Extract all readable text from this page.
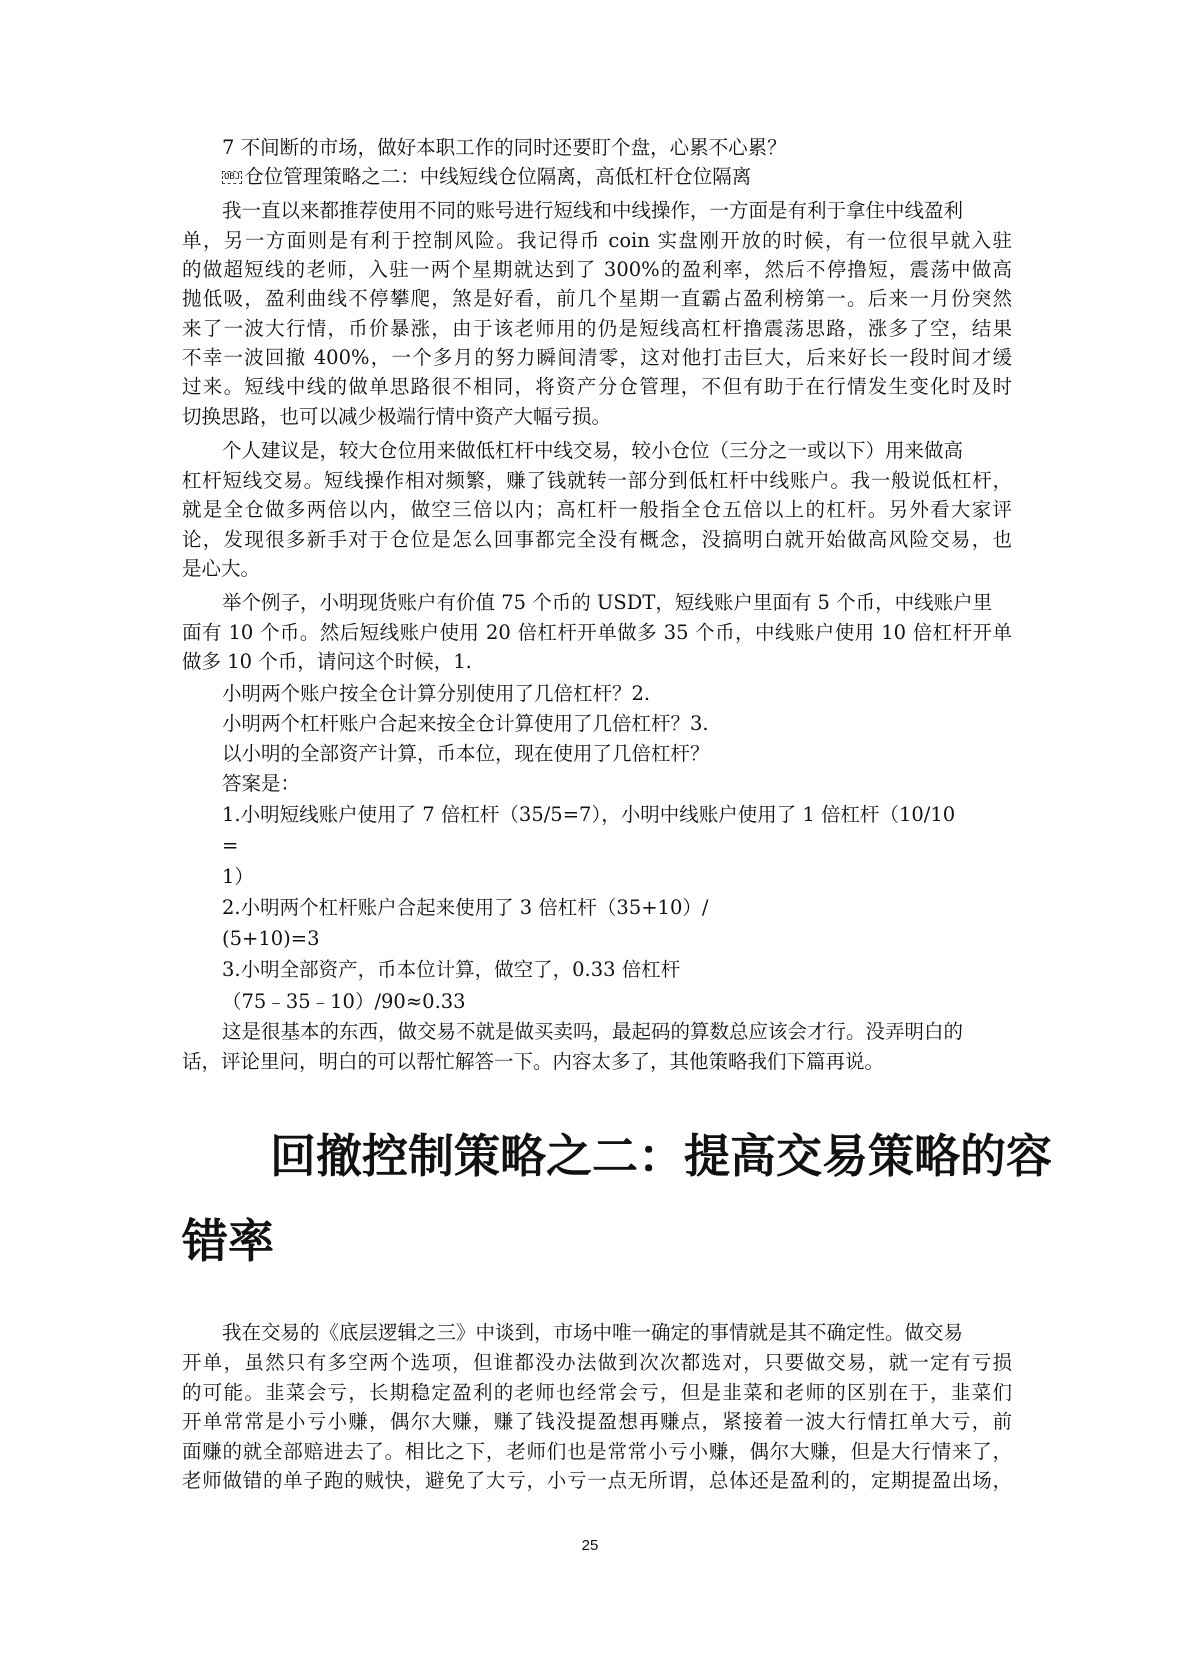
7 不间断的市场，做好本职工作的同时还要盯个盘，心累不心累？
OBJ 仓位管理策略之二：中线短线仓位隔离，高低杠杆仓位隔离
我一直以来都推荐使用不同的账号进行短线和中线操作，一方面是有利于拿住中线盈利
单，另一方面则是有利于控制风险。我记得币 coin 实盘刚开放的时候，有一位很早就入驻
的做超短线的老师，入驻一两个星期就达到了 300%的盈利率，然后不停撸短，震荡中做高
抛低吸，盈利曲线不停攀爬，煞是好看，前几个星期一直霸占盈利榜第一。后来一月份突然
来了一波大行情，币价暴涨，由于该老师用的仍是短线高杠杆撸震荡思路，涨多了空，结果
不幸一波回撤 400%，一个多月的努力瞬间清零，这对他打击巨大，后来好长一段时间才缓
过来。短线中线的做单思路很不相同，将资产分仓管理，不但有助于在行情发生变化时及时
切换思路，也可以减少极端行情中资产大幅亏损。
个人建议是，较大仓位用来做低杠杆中线交易，较小仓位（三分之一或以下）用来做高
杠杆短线交易。短线操作相对频繁，赚了钱就转一部分到低杠杆中线账户。我一般说低杠杆，
就是全仓做多两倍以内，做空三倍以内；高杠杆一般指全仓五倍以上的杠杆。另外看大家评
论，发现很多新手对于仓位是怎么回事都完全没有概念，没搞明白就开始做高风险交易，也
是心大。
举个例子，小明现货账户有价值 75 个币的 USDT，短线账户里面有 5 个币，中线账户里
面有 10 个币。然后短线账户使用 20 倍杠杆开单做多 35 个币，中线账户使用 10 倍杠杆开单
做多 10 个币，请问这个时候，1.
小明两个账户按全仓计算分别使用了几倍杠杆？2.
小明两个杠杆账户合起来按全仓计算使用了几倍杠杆？3.
以小明的全部资产计算，币本位，现在使用了几倍杠杆？
答案是：
1.小明短线账户使用了 7 倍杠杆（35/5=7），小明中线账户使用了 1 倍杠杆（10/10
=
1）
2.小明两个杠杆账户合起来使用了 3 倍杠杆（35+10）/
(5+10)=3
3.小明全部资产，币本位计算，做空了，0.33 倍杠杆
（75﹣35﹣10）/90≈0.33
这是很基本的东西，做交易不就是做买卖吗，最起码的算数总应该会才行。没弄明白的
话，评论里问，明白的可以帮忙解答一下。内容太多了，其他策略我们下篇再说。
回撤控制策略之二：提高交易策略的容
错率
我在交易的《底层逻辑之三》中谈到，市场中唯一确定的事情就是其不确定性。做交易
开单，虽然只有多空两个选项，但谁都没办法做到次次都选对，只要做交易，就一定有亏损
的可能。韭菜会亏，长期稳定盈利的老师也经常会亏，但是韭菜和老师的区别在于，韭菜们
开单常常是小亏小赚，偶尔大赚，赚了钱没提盈想再赚点，紧接着一波大行情扛单大亏，前
面赚的就全部赔进去了。相比之下，老师们也是常常小亏小赚，偶尔大赚，但是大行情来了，
老师做错的单子跑的贼快，避免了大亏，小亏一点无所谓，总体还是盈利的，定期提盈出场，
25
